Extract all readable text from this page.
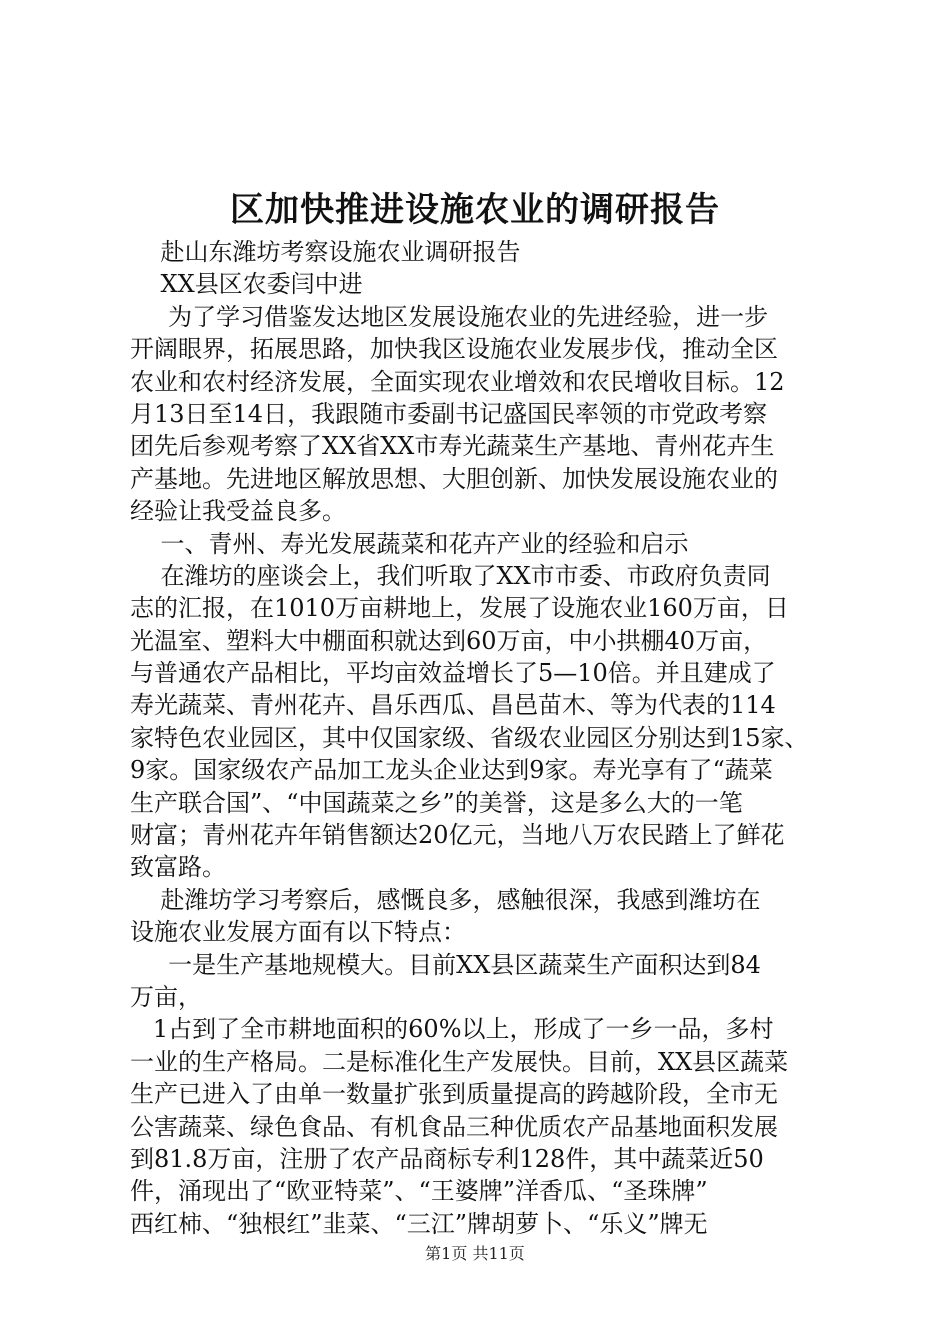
区加快推进设施农业的调研报告
赴山东潍坊考察设施农业调研报告
XX县区农委闫中进
为了学习借鉴发达地区发展设施农业的先进经验，进一步
开阔眼界，拓展思路，加快我区设施农业发展步伐，推动全区
农业和农村经济发展，全面实现农业增效和农民增收目标。12
月13日至14日，我跟随市委副书记盛国民率领的市党政考察
团先后参观考察了XX省XX市寿光蔬菜生产基地、青州花卉生
产基地。先进地区解放思想、大胆创新、加快发展设施农业的
经验让我受益良多。
一、青州、寿光发展蔬菜和花卉产业的经验和启示
在潍坊的座谈会上，我们听取了XX市市委、市政府负责同
志的汇报，在1010万亩耕地上，发展了设施农业160万亩，日
光温室、塑料大中棚面积就达到60万亩，中小拱棚40万亩，
与普通农产品相比，平均亩效益增长了5—10倍。并且建成了
寿光蔬菜、青州花卉、昌乐西瓜、昌邑苗木、等为代表的114
家特色农业园区，其中仅国家级、省级农业园区分别达到15家、
9家。国家级农产品加工龙头企业达到9家。寿光享有了“蔬菜
生产联合国”、“中国蔬菜之乡”的美誉，这是多么大的一笔
财富；青州花卉年销售额达20亿元，当地八万农民踏上了鲜花
致富路。
赴潍坊学习考察后，感慨良多，感触很深，我感到潍坊在
设施农业发展方面有以下特点：
一是生产基地规模大。目前XX县区蔬菜生产面积达到84
万亩，
1占到了全市耕地面积的60%以上，形成了一乡一品，多村
一业的生产格局。二是标准化生产发展快。目前，XX县区蔬菜
生产已进入了由单一数量扩张到质量提高的跨越阶段，全市无
公害蔬菜、绿色食品、有机食品三种优质农产品基地面积发展
到81.8万亩，注册了农产品商标专利128件，其中蔬菜近50
件，涌现出了“欧亚特菜”、“王婆牌”洋香瓜、“圣珠牌”
西红柿、“独根红”韭菜、“三江”牌胡萝卜、“乐义”牌无
第1页 共11页
